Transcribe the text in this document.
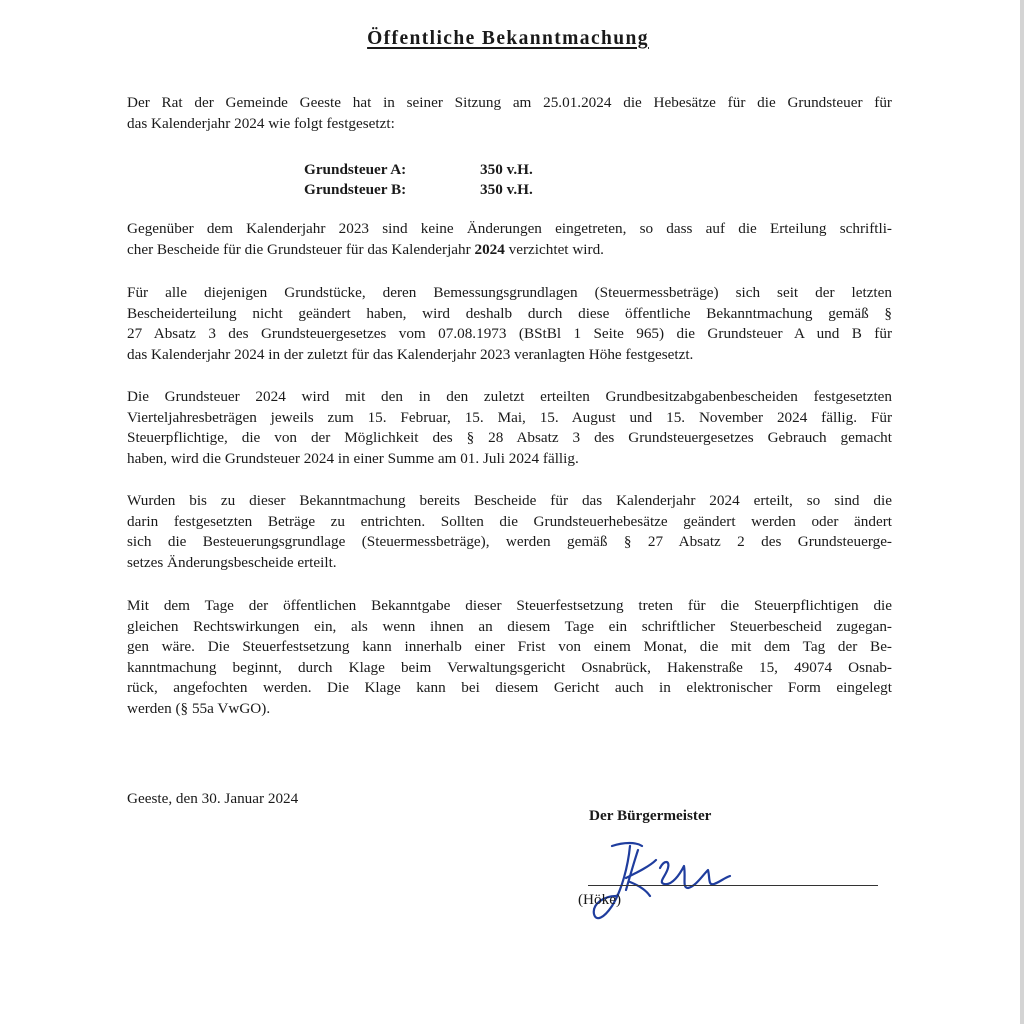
Öffentliche Bekanntmachung
Der Rat der Gemeinde Geeste hat in seiner Sitzung am 25.01.2024 die Hebesätze für die Grundsteuer für
das Kalenderjahr 2024 wie folgt festgesetzt:
Grundsteuer A:	350 v.H.
Grundsteuer B:	350 v.H.
Gegenüber dem Kalenderjahr 2023 sind keine Änderungen eingetreten, so dass auf die Erteilung schriftli-
cher Bescheide für die Grundsteuer für das Kalenderjahr 2024 verzichtet wird.
Für alle diejenigen Grundstücke, deren Bemessungsgrundlagen (Steuermessbeträge) sich seit der letzten
Bescheiderteilung nicht geändert haben, wird deshalb durch diese öffentliche Bekanntmachung gemäß §
27 Absatz 3 des Grundsteuergesetzes vom 07.08.1973 (BStBl 1 Seite 965) die Grundsteuer A und B für
das Kalenderjahr 2024 in der zuletzt für das Kalenderjahr 2023 veranlagten Höhe festgesetzt.
Die Grundsteuer 2024 wird mit den in den zuletzt erteilten Grundbesitzabgabenbescheiden festgesetzten
Vierteljahresbeträgen jeweils zum 15. Februar, 15. Mai, 15. August und 15. November 2024 fällig. Für
Steuerpflichtige, die von der Möglichkeit des § 28 Absatz 3 des Grundsteuergesetzes Gebrauch gemacht
haben, wird die Grundsteuer 2024 in einer Summe am 01. Juli 2024 fällig.
Wurden bis zu dieser Bekanntmachung bereits Bescheide für das Kalenderjahr 2024 erteilt, so sind die
darin festgesetzten Beträge zu entrichten. Sollten die Grundsteuerhebesätze geändert werden oder ändert
sich die Besteuerungsgrundlage (Steuermessbeträge), werden gemäß § 27 Absatz 2 des Grundsteuerge-
setzes Änderungsbescheide erteilt.
Mit dem Tage der öffentlichen Bekanntgabe dieser Steuerfestsetzung treten für die Steuerpflichtigen die
gleichen Rechtswirkungen ein, als wenn ihnen an diesem Tage ein schriftlicher Steuerbescheid zugegan-
gen wäre. Die Steuerfestsetzung kann innerhalb einer Frist von einem Monat, die mit dem Tag der Be-
kanntmachung beginnt, durch Klage beim Verwaltungsgericht Osnabrück, Hakenstraße 15, 49074 Osnab-
rück, angefochten werden. Die Klage kann bei diesem Gericht auch in elektronischer Form eingelegt
werden (§ 55a VwGO).
Geeste, den 30. Januar 2024
Der Bürgermeister
(Höke)
